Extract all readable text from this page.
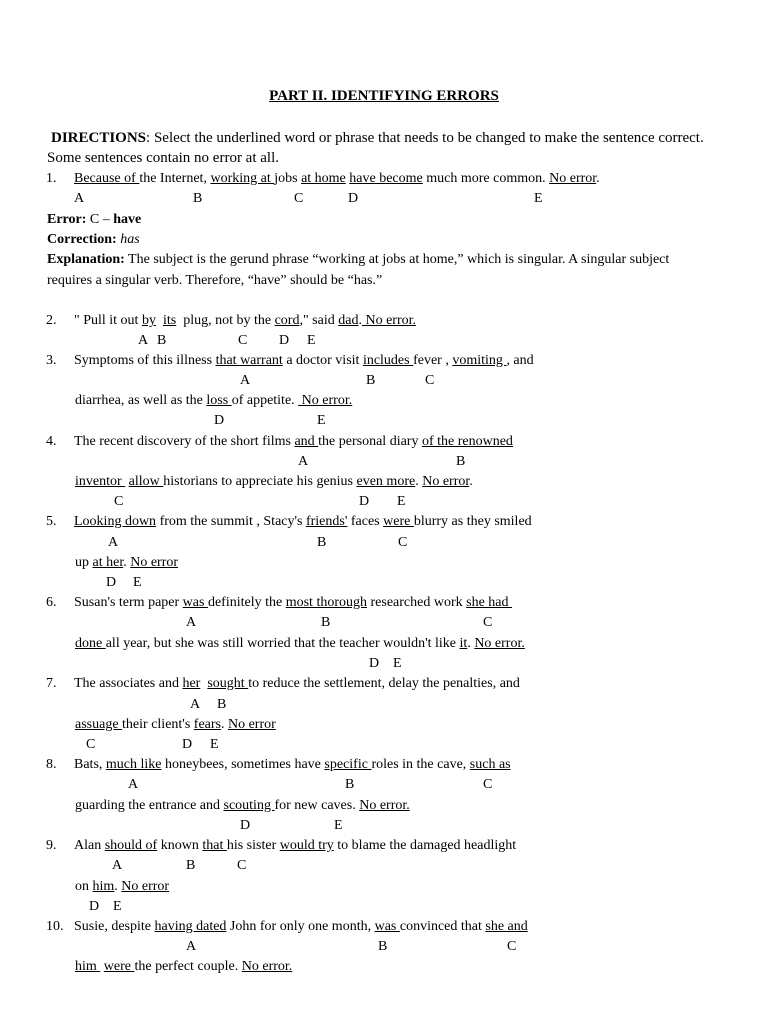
PART II. IDENTIFYING ERRORS
DIRECTIONS: Select the underlined word or phrase that needs to be changed to make the sentence correct. Some sentences contain no error at all.
1. Because of the Internet, working at jobs at home have become much more common. No error.
A	B	C	D	E
Error: C – have
Correction: has
Explanation: The subject is the gerund phrase “working at jobs at home,” which is singular. A singular subject requires a singular verb. Therefore, “have” should be “has.”
2. " Pull it out by its  plug, not by the cord," said dad. No error.
A B	C D E
3. Symptoms of this illness that warrant a doctor visit includes fever , vomiting , and
A	B	C
diarrhea, as well as the loss of appetite.  No error.
D	E
4. The recent discovery of the short films and the personal diary of the renowned
A	B
inventor  allow historians to appreciate his genius even more. No error.
C	D E
5. Looking down from the summit , Stacy's friends' faces were blurry as they smiled
A	B	C
up at her. No error
D E
6. Susan's term paper was definitely the most thorough researched work she had
A	B	C
done all year, but she was still worried that the teacher wouldn't like it. No error.
D E
7. The associates and her sought to reduce the settlement, delay the penalties, and
A B
assuage their client's fears. No error
C	D E
8. Bats, much like honeybees, sometimes have specific roles in the cave, such as
A	B	C
guarding the entrance and scouting for new caves. No error.
D	E
9. Alan should of known that his sister would try to blame the damaged headlight
A	B	C
on him. No error
D E
10. Susie, despite having dated John for only one month, was convinced that she and
A	B	C
him  were the perfect couple. No error.
